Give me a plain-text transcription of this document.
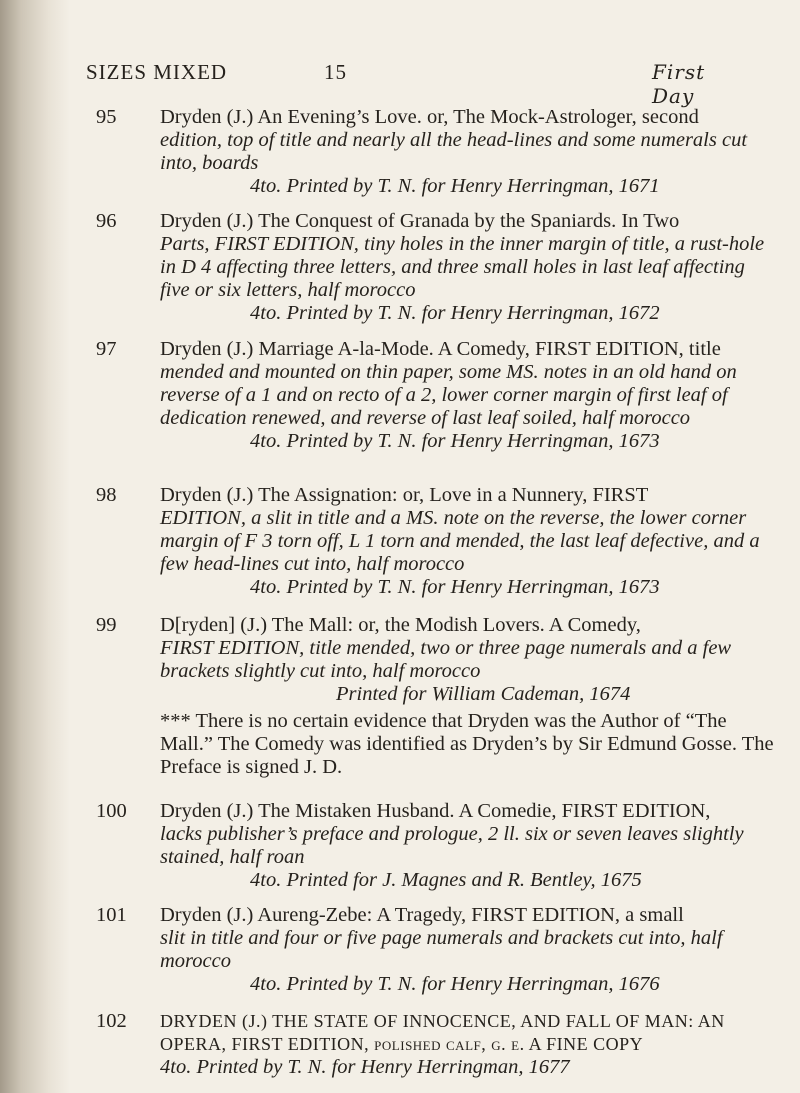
SIZES MIXED	15	First Day
95 Dryden (J.) An Evening’s Love. or, The Mock-Astrologer, second
edition, top of title and nearly all the head-lines and some numerals cut into, boards
4to. Printed by T. N. for Henry Herringman, 1671
96 Dryden (J.) The Conquest of Granada by the Spaniards. In Two
Parts, FIRST EDITION, tiny holes in the inner margin of title, a rust-hole in D 4 affecting three letters, and three small holes in last leaf affecting five or six letters, half morocco
4to. Printed by T. N. for Henry Herringman, 1672
97 Dryden (J.) Marriage A-la-Mode. A Comedy, FIRST EDITION, title
mended and mounted on thin paper, some MS. notes in an old hand on reverse of a 1 and on recto of a 2, lower corner margin of first leaf of dedication renewed, and reverse of last leaf soiled, half morocco
4to. Printed by T. N. for Henry Herringman, 1673
98 Dryden (J.) The Assignation: or, Love in a Nunnery, FIRST
EDITION, a slit in title and a MS. note on the reverse, the lower corner margin of F 3 torn off, L 1 torn and mended, the last leaf defective, and a few head-lines cut into, half morocco
4to. Printed by T. N. for Henry Herringman, 1673
99 D[ryden] (J.) The Mall: or, the Modish Lovers. A Comedy,
FIRST EDITION, title mended, two or three page numerals and a few brackets slightly cut into, half morocco
Printed for William Cademan, 1674
*** There is no certain evidence that Dryden was the Author of “The Mall.” The Comedy was identified as Dryden’s by Sir Edmund Gosse. The Preface is signed J. D.
100 Dryden (J.) The Mistaken Husband. A Comedie, FIRST EDITION,
lacks publisher’s preface and prologue, 2 ll. six or seven leaves slightly stained, half roan
4to. Printed for J. Magnes and R. Bentley, 1675
101 Dryden (J.) Aureng-Zebe: A Tragedy, FIRST EDITION, a small
slit in title and four or five page numerals and brackets cut into, half morocco
4to. Printed by T. N. for Henry Herringman, 1676
102 DRYDEN (J.) THE STATE OF INNOCENCE, AND FALL OF MAN: AN
OPERA, FIRST EDITION, polished calf, g. e. A FINE COPY
4to. Printed by T. N. for Henry Herringman, 1677
